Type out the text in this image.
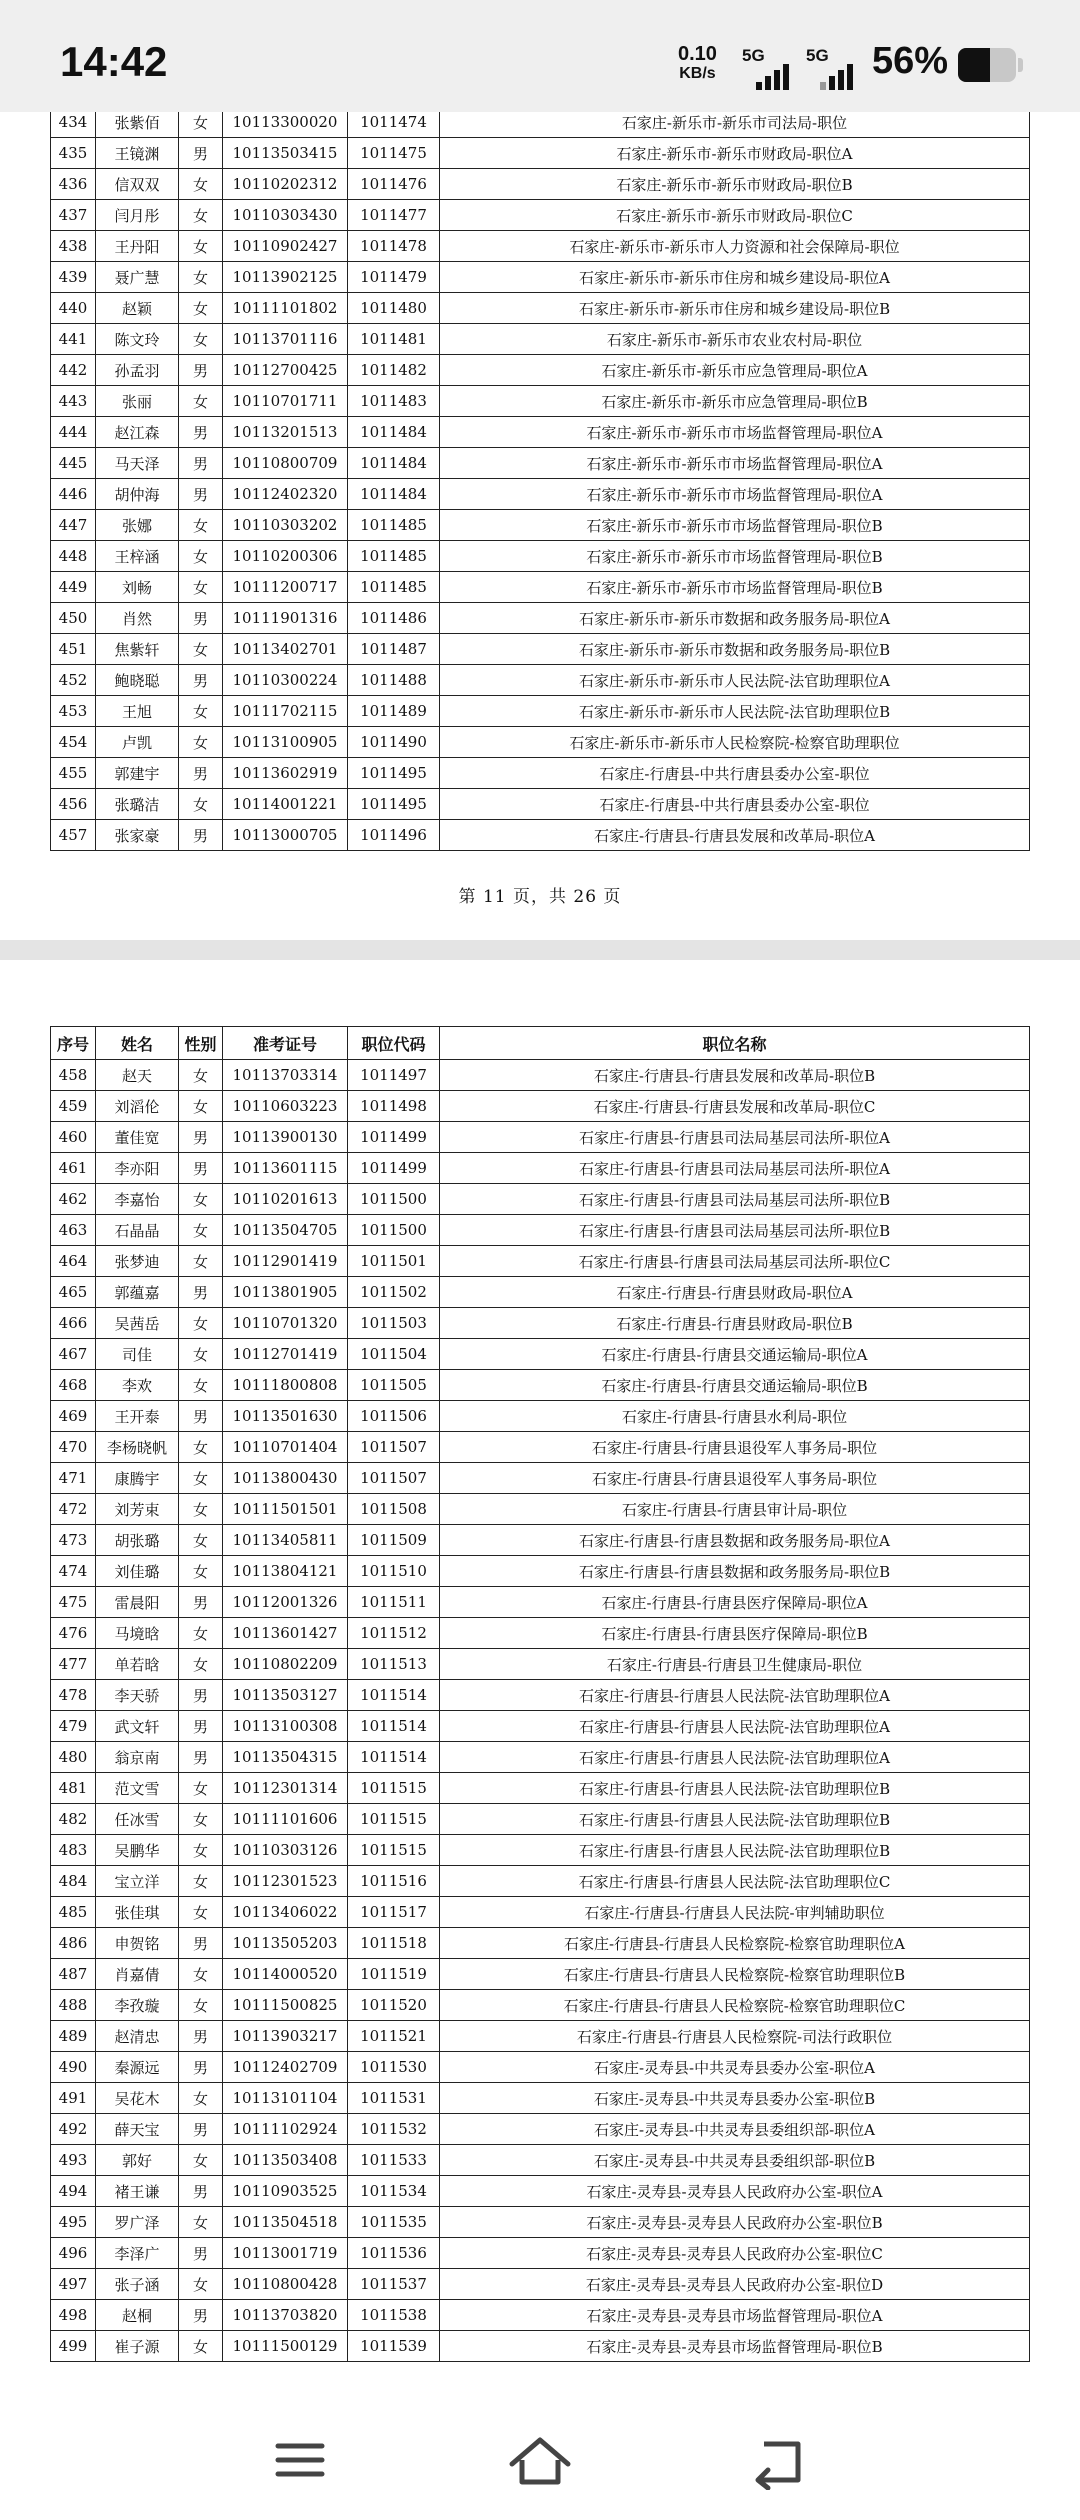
14:42	0.10
KB/s
5G 5G 56%
434	张紫佰	女	10113300020	1011474	石家庄-新乐市-新乐市司法局-职位
435	王镜渊	男	10113503415	1011475	石家庄-新乐市-新乐市财政局-职位A
436	信双双	女	10110202312	1011476	石家庄-新乐市-新乐市财政局-职位B
437	闫月彤	女	10110303430	1011477	石家庄-新乐市-新乐市财政局-职位C
438	王丹阳	女	10110902427	1011478	石家庄-新乐市-新乐市人力资源和社会保障局-职位
439	聂广慧	女	10113902125	1011479	石家庄-新乐市-新乐市住房和城乡建设局-职位A
440	赵颖	女	10111101802	1011480	石家庄-新乐市-新乐市住房和城乡建设局-职位B
441	陈文玲	女	10113701116	1011481	石家庄-新乐市-新乐市农业农村局-职位
442	孙孟羽	男	10112700425	1011482	石家庄-新乐市-新乐市应急管理局-职位A
443	张丽	女	10110701711	1011483	石家庄-新乐市-新乐市应急管理局-职位B
444	赵江森	男	10113201513	1011484	石家庄-新乐市-新乐市市场监督管理局-职位A
445	马天泽	男	10110800709	1011484	石家庄-新乐市-新乐市市场监督管理局-职位A
446	胡仲海	男	10112402320	1011484	石家庄-新乐市-新乐市市场监督管理局-职位A
447	张娜	女	10110303202	1011485	石家庄-新乐市-新乐市市场监督管理局-职位B
448	王梓涵	女	10110200306	1011485	石家庄-新乐市-新乐市市场监督管理局-职位B
449	刘畅	女	10111200717	1011485	石家庄-新乐市-新乐市市场监督管理局-职位B
450	肖然	男	10111901316	1011486	石家庄-新乐市-新乐市数据和政务服务局-职位A
451	焦紫轩	女	10113402701	1011487	石家庄-新乐市-新乐市数据和政务服务局-职位B
452	鲍晓聪	男	10110300224	1011488	石家庄-新乐市-新乐市人民法院-法官助理职位A
453	王旭	女	10111702115	1011489	石家庄-新乐市-新乐市人民法院-法官助理职位B
454	卢凯	女	10113100905	1011490	石家庄-新乐市-新乐市人民检察院-检察官助理职位
455	郭建宇	男	10113602919	1011495	石家庄-行唐县-中共行唐县委办公室-职位
456	张璐洁	女	10114001221	1011495	石家庄-行唐县-中共行唐县委办公室-职位
457	张家豪	男	10113000705	1011496	石家庄-行唐县-行唐县发展和改革局-职位A
第 11 页，共 26 页
序号	姓名	性别	准考证号	职位代码	职位名称
458	赵天	女	10113703314	1011497	石家庄-行唐县-行唐县发展和改革局-职位B
459	刘滔伦	女	10110603223	1011498	石家庄-行唐县-行唐县发展和改革局-职位C
460	董佳宽	男	10113900130	1011499	石家庄-行唐县-行唐县司法局基层司法所-职位A
461	李亦阳	男	10113601115	1011499	石家庄-行唐县-行唐县司法局基层司法所-职位A
462	李嘉怡	女	10110201613	1011500	石家庄-行唐县-行唐县司法局基层司法所-职位B
463	石晶晶	女	10113504705	1011500	石家庄-行唐县-行唐县司法局基层司法所-职位B
464	张梦迪	女	10112901419	1011501	石家庄-行唐县-行唐县司法局基层司法所-职位C
465	郭蕴嘉	男	10113801905	1011502	石家庄-行唐县-行唐县财政局-职位A
466	吴茜岳	女	10110701320	1011503	石家庄-行唐县-行唐县财政局-职位B
467	司佳	女	10112701419	1011504	石家庄-行唐县-行唐县交通运输局-职位A
468	李欢	女	10111800808	1011505	石家庄-行唐县-行唐县交通运输局-职位B
469	王开泰	男	10113501630	1011506	石家庄-行唐县-行唐县水利局-职位
470	李杨晓帆	女	10110701404	1011507	石家庄-行唐县-行唐县退役军人事务局-职位
471	康腾宇	女	10113800430	1011507	石家庄-行唐县-行唐县退役军人事务局-职位
472	刘芳束	女	10111501501	1011508	石家庄-行唐县-行唐县审计局-职位
473	胡张璐	女	10113405811	1011509	石家庄-行唐县-行唐县数据和政务服务局-职位A
474	刘佳璐	女	10113804121	1011510	石家庄-行唐县-行唐县数据和政务服务局-职位B
475	雷晨阳	男	10112001326	1011511	石家庄-行唐县-行唐县医疗保障局-职位A
476	马境晗	女	10113601427	1011512	石家庄-行唐县-行唐县医疗保障局-职位B
477	单若晗	女	10110802209	1011513	石家庄-行唐县-行唐县卫生健康局-职位
478	李天骄	男	10113503127	1011514	石家庄-行唐县-行唐县人民法院-法官助理职位A
479	武文轩	男	10113100308	1011514	石家庄-行唐县-行唐县人民法院-法官助理职位A
480	翁京南	男	10113504315	1011514	石家庄-行唐县-行唐县人民法院-法官助理职位A
481	范文雪	女	10112301314	1011515	石家庄-行唐县-行唐县人民法院-法官助理职位B
482	任冰雪	女	10111101606	1011515	石家庄-行唐县-行唐县人民法院-法官助理职位B
483	吴鹏华	女	10110303126	1011515	石家庄-行唐县-行唐县人民法院-法官助理职位B
484	宝立洋	女	10112301523	1011516	石家庄-行唐县-行唐县人民法院-法官助理职位C
485	张佳琪	女	10113406022	1011517	石家庄-行唐县-行唐县人民法院-审判辅助职位
486	申贺铭	男	10113505203	1011518	石家庄-行唐县-行唐县人民检察院-检察官助理职位A
487	肖嘉倩	女	10114000520	1011519	石家庄-行唐县-行唐县人民检察院-检察官助理职位B
488	李孜璇	女	10111500825	1011520	石家庄-行唐县-行唐县人民检察院-检察官助理职位C
489	赵清忠	男	10113903217	1011521	石家庄-行唐县-行唐县人民检察院-司法行政职位
490	秦源远	男	10112402709	1011530	石家庄-灵寿县-中共灵寿县委办公室-职位A
491	吴花木	女	10113101104	1011531	石家庄-灵寿县-中共灵寿县委办公室-职位B
492	薛天宝	男	10111102924	1011532	石家庄-灵寿县-中共灵寿县委组织部-职位A
493	郭好	女	10113503408	1011533	石家庄-灵寿县-中共灵寿县委组织部-职位B
494	褚王谦	男	10110903525	1011534	石家庄-灵寿县-灵寿县人民政府办公室-职位A
495	罗广泽	女	10113504518	1011535	石家庄-灵寿县-灵寿县人民政府办公室-职位B
496	李泽广	男	10113001719	1011536	石家庄-灵寿县-灵寿县人民政府办公室-职位C
497	张子涵	女	10110800428	1011537	石家庄-灵寿县-灵寿县人民政府办公室-职位D
498	赵桐	男	10113703820	1011538	石家庄-灵寿县-灵寿县市场监督管理局-职位A
499	崔子源	女	10111500129	1011539	石家庄-灵寿县-灵寿县市场监督管理局-职位B
